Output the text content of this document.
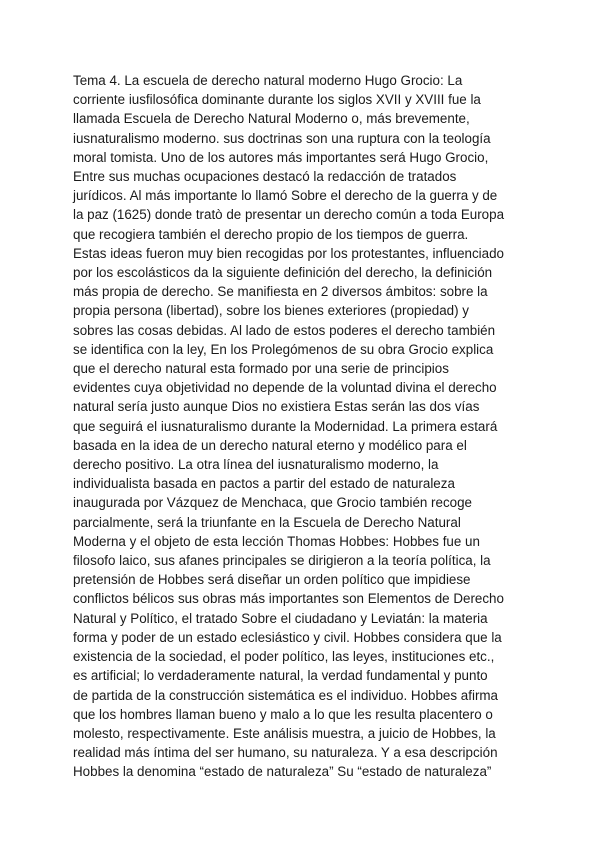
Tema 4. La escuela de derecho natural moderno Hugo Grocio: La
corriente iusfilosófica dominante durante los siglos XVII y XVIII fue la
llamada Escuela de Derecho Natural Moderno o, más brevemente,
iusnaturalismo moderno. sus doctrinas son una ruptura con la teología
moral tomista. Uno de los autores más importantes será Hugo Grocio,
Entre sus muchas ocupaciones destacó la redacción de tratados
jurídicos. Al más importante lo llamó Sobre el derecho de la guerra y de
la paz (1625) donde tratò de presentar un derecho común a toda Europa
que recogiera también el derecho propio de los tiempos de guerra.
Estas ideas fueron muy bien recogidas por los protestantes, influenciado
por los escolásticos da la siguiente definición del derecho, la definición
más propia de derecho. Se manifiesta en 2 diversos ámbitos: sobre la
propia persona (libertad), sobre los bienes exteriores (propiedad) y
sobres las cosas debidas. Al lado de estos poderes el derecho también
se identifica con la ley, En los Prolegómenos de su obra Grocio explica
que el derecho natural esta formado por una serie de principios
evidentes cuya objetividad no depende de la voluntad divina el derecho
natural sería justo aunque Dios no existiera Estas serán las dos vías
que seguirá el iusnaturalismo durante la Modernidad. La primera estará
basada en la idea de un derecho natural eterno y modélico para el
derecho positivo. La otra línea del iusnaturalismo moderno, la
individualista basada en pactos a partir del estado de naturaleza
inaugurada por Vázquez de Menchaca, que Grocio también recoge
parcialmente, será la triunfante en la Escuela de Derecho Natural
Moderna y el objeto de esta lección Thomas Hobbes: Hobbes fue un
filosofo laico, sus afanes principales se dirigieron a la teoría política, la
pretensión de Hobbes será diseñar un orden político que impidiese
conflictos bélicos sus obras más importantes son Elementos de Derecho
Natural y Político, el tratado Sobre el ciudadano y Leviatán: la materia
forma y poder de un estado eclesiástico y civil. Hobbes considera que la
existencia de la sociedad, el poder político, las leyes, instituciones etc.,
es artificial; lo verdaderamente natural, la verdad fundamental y punto
de partida de la construcción sistemática es el individuo. Hobbes afirma
que los hombres llaman bueno y malo a lo que les resulta placentero o
molesto, respectivamente. Este análisis muestra, a juicio de Hobbes, la
realidad más íntima del ser humano, su naturaleza. Y a esa descripción
Hobbes la denomina “estado de naturaleza” Su “estado de naturaleza”
